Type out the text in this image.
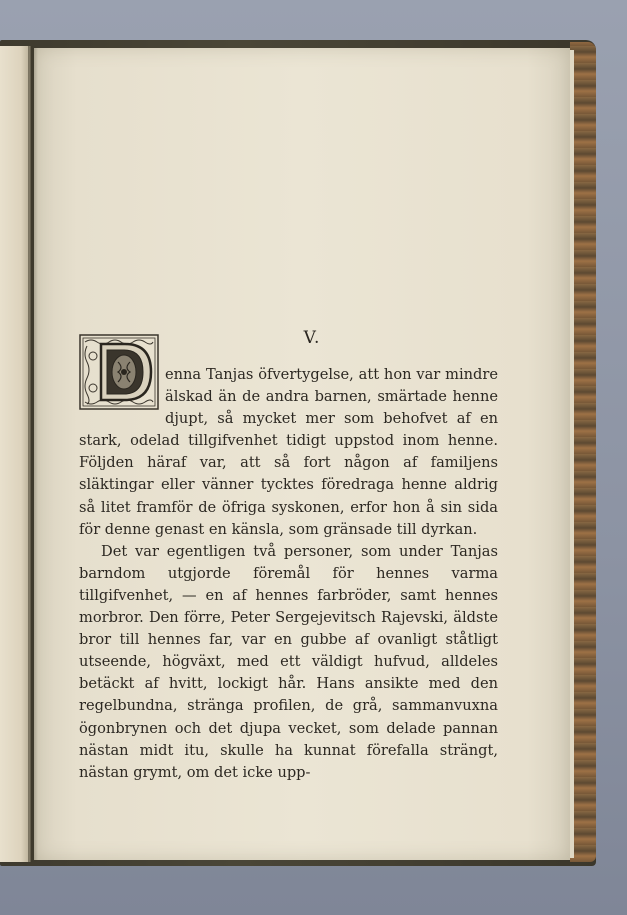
V.

enna Tanjas öfvertygelse, att hon var mindre älskad än de andra barnen, smärtade henne djupt, så mycket mer som behofvet af en stark, odelad tillgifvenhet tidigt uppstod inom henne. Följden häraf var, att så fort någon af familjens släktingar eller vänner tycktes föredraga henne aldrig så litet framför de öfriga syskonen, erfor hon å sin sida för denne genast en känsla, som gränsade till dyrkan.

Det var egentligen två personer, som under Tanjas barndom utgjorde föremål för hennes varma tillgifvenhet, — en af hennes farbröder, samt hennes morbror. Den förre, Peter Sergejevitsch Rajevski, äldste bror till hennes far, var en gubbe af ovanligt ståtligt utseende, högväxt, med ett väldigt hufvud, alldeles betäckt af hvitt, lockigt hår. Hans ansikte med den regelbundna, stränga profilen, de grå, sammanvuxna ögonbrynen och det djupa vecket, som delade pannan nästan midt itu, skulle ha kunnat förefalla strängt, nästan grymt, om det icke upp-
